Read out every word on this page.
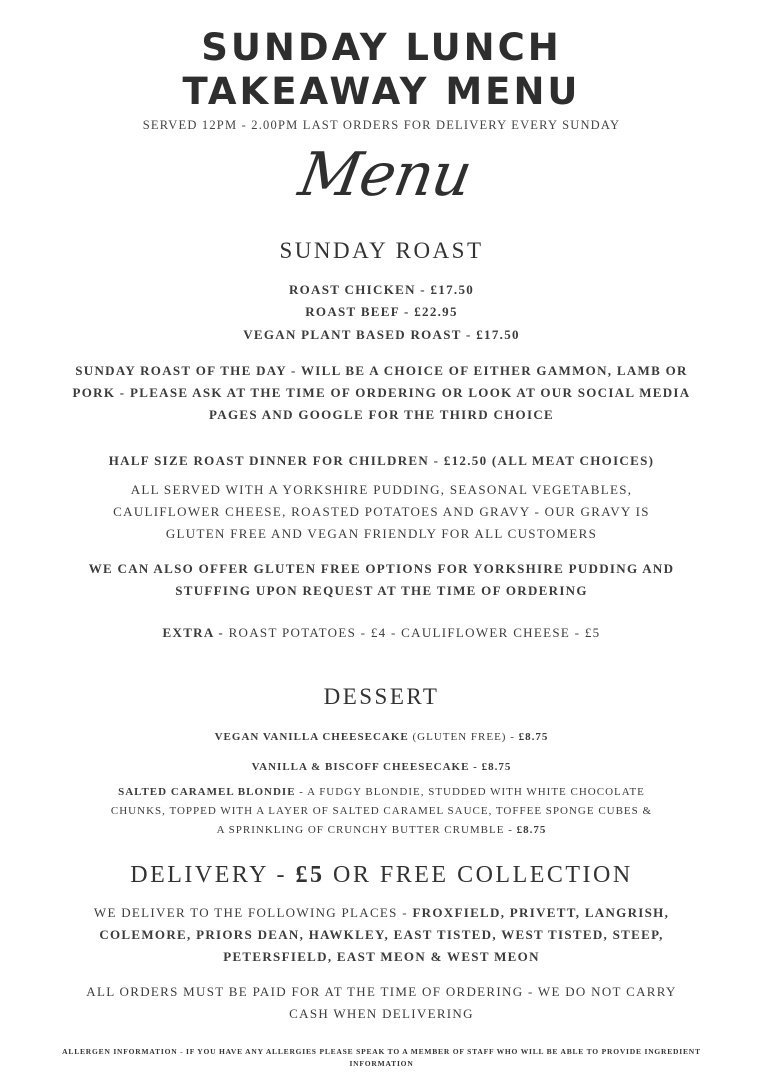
SUNDAY LUNCH
TAKEAWAY MENU
SERVED 12PM - 2.00PM LAST ORDERS FOR DELIVERY EVERY SUNDAY
Menu
SUNDAY ROAST
ROAST CHICKEN - £17.50
ROAST BEEF - £22.95
VEGAN PLANT BASED ROAST - £17.50
SUNDAY ROAST OF THE DAY - WILL BE A CHOICE OF EITHER GAMMON, LAMB OR
PORK - PLEASE ASK AT THE TIME OF ORDERING OR LOOK AT OUR SOCIAL MEDIA
PAGES AND GOOGLE FOR THE THIRD CHOICE
HALF SIZE ROAST DINNER FOR CHILDREN - £12.50 (ALL MEAT CHOICES)
ALL SERVED WITH A YORKSHIRE PUDDING, SEASONAL VEGETABLES,
CAULIFLOWER CHEESE, ROASTED POTATOES AND GRAVY - OUR GRAVY IS
GLUTEN FREE AND VEGAN FRIENDLY FOR ALL CUSTOMERS
WE CAN ALSO OFFER GLUTEN FREE OPTIONS FOR YORKSHIRE PUDDING AND
STUFFING UPON REQUEST AT THE TIME OF ORDERING
EXTRA - ROAST POTATOES - £4 - CAULIFLOWER CHEESE - £5
DESSERT
VEGAN VANILLA CHEESECAKE (GLUTEN FREE) - £8.75
VANILLA & BISCOFF CHEESECAKE - £8.75
SALTED CARAMEL BLONDIE - A FUDGY BLONDIE, STUDDED WITH WHITE CHOCOLATE
CHUNKS, TOPPED WITH A LAYER OF SALTED CARAMEL SAUCE, TOFFEE SPONGE CUBES &
A SPRINKLING OF CRUNCHY BUTTER CRUMBLE - £8.75
DELIVERY - £5 OR FREE COLLECTION
WE DELIVER TO THE FOLLOWING PLACES - FROXFIELD, PRIVETT, LANGRISH,
COLEMORE, PRIORS DEAN, HAWKLEY, EAST TISTED, WEST TISTED, STEEP,
PETERSFIELD, EAST MEON & WEST MEON
ALL ORDERS MUST BE PAID FOR AT THE TIME OF ORDERING - WE DO NOT CARRY
CASH WHEN DELIVERING
ALLERGEN INFORMATION - IF YOU HAVE ANY ALLERGIES PLEASE SPEAK TO A MEMBER OF STAFF WHO WILL BE ABLE TO PROVIDE INGREDIENT
INFORMATION
